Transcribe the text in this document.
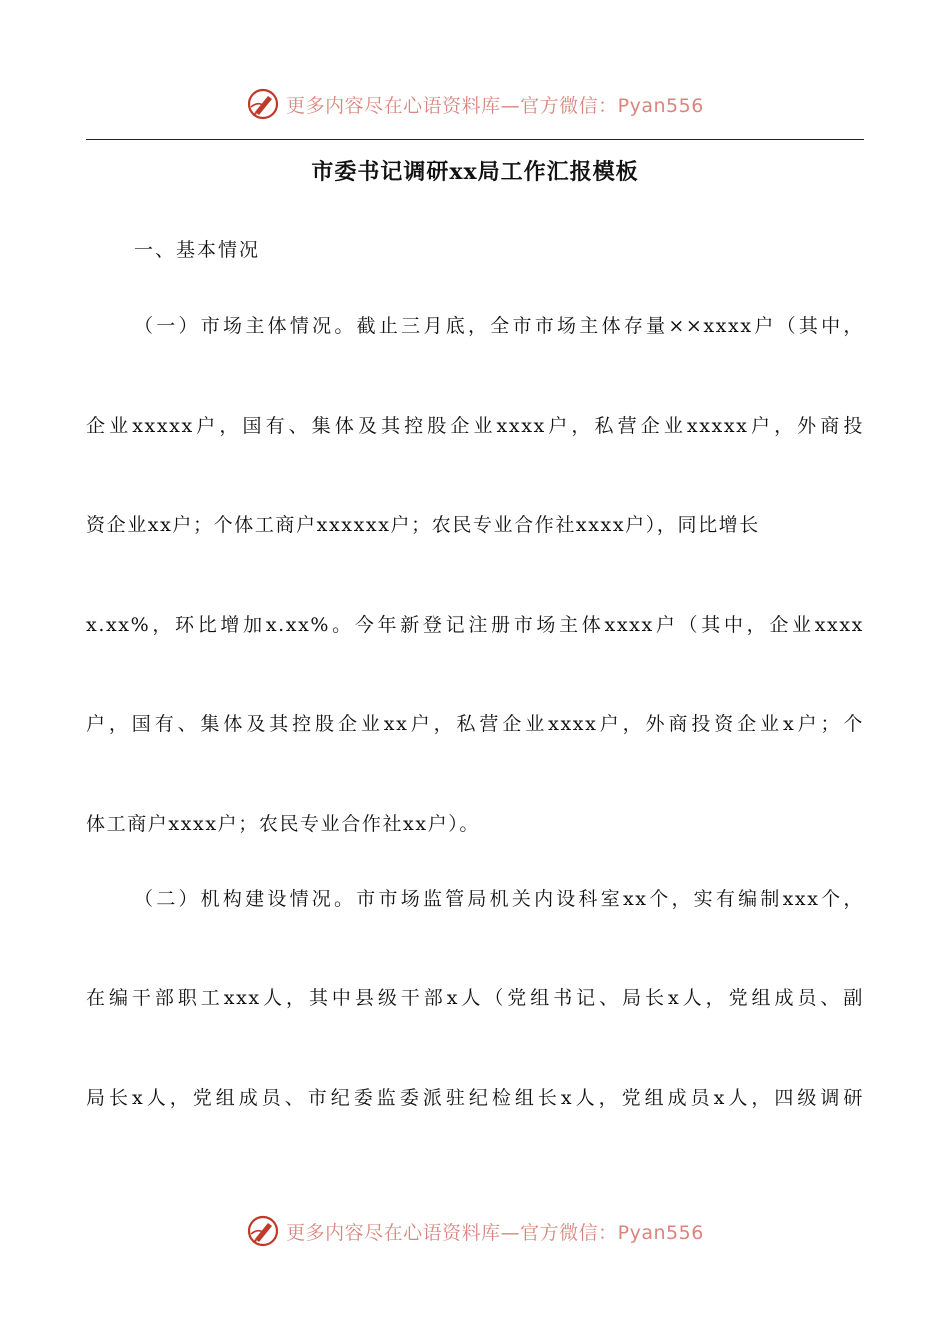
更多内容尽在心语资料库—官方微信：Pyan556
市委书记调研xx局工作汇报模板

一、基本情况

（一）市场主体情况。截止三月底，全市市场主体存量××xxxx户（其中，

企业xxxxx户，国有、集体及其控股企业xxxx户，私营企业xxxxx户，外商投

资企业xx户；个体工商户xxxxxx户；农民专业合作社xxxx户），同比增长

x.xx%，环比增加x.xx%。今年新登记注册市场主体xxxx户（其中，企业xxxx

户，国有、集体及其控股企业xx户，私营企业xxxx户，外商投资企业x户；个

体工商户xxxx户；农民专业合作社xx户）。

（二）机构建设情况。市市场监管局机关内设科室xx个，实有编制xxx个，

在编干部职工xxx人，其中县级干部x人（党组书记、局长x人，党组成员、副

局长x人，党组成员、市纪委监委派驻纪检组长x人，党组成员x人，四级调研

更多内容尽在心语资料库—官方微信：Pyan556
